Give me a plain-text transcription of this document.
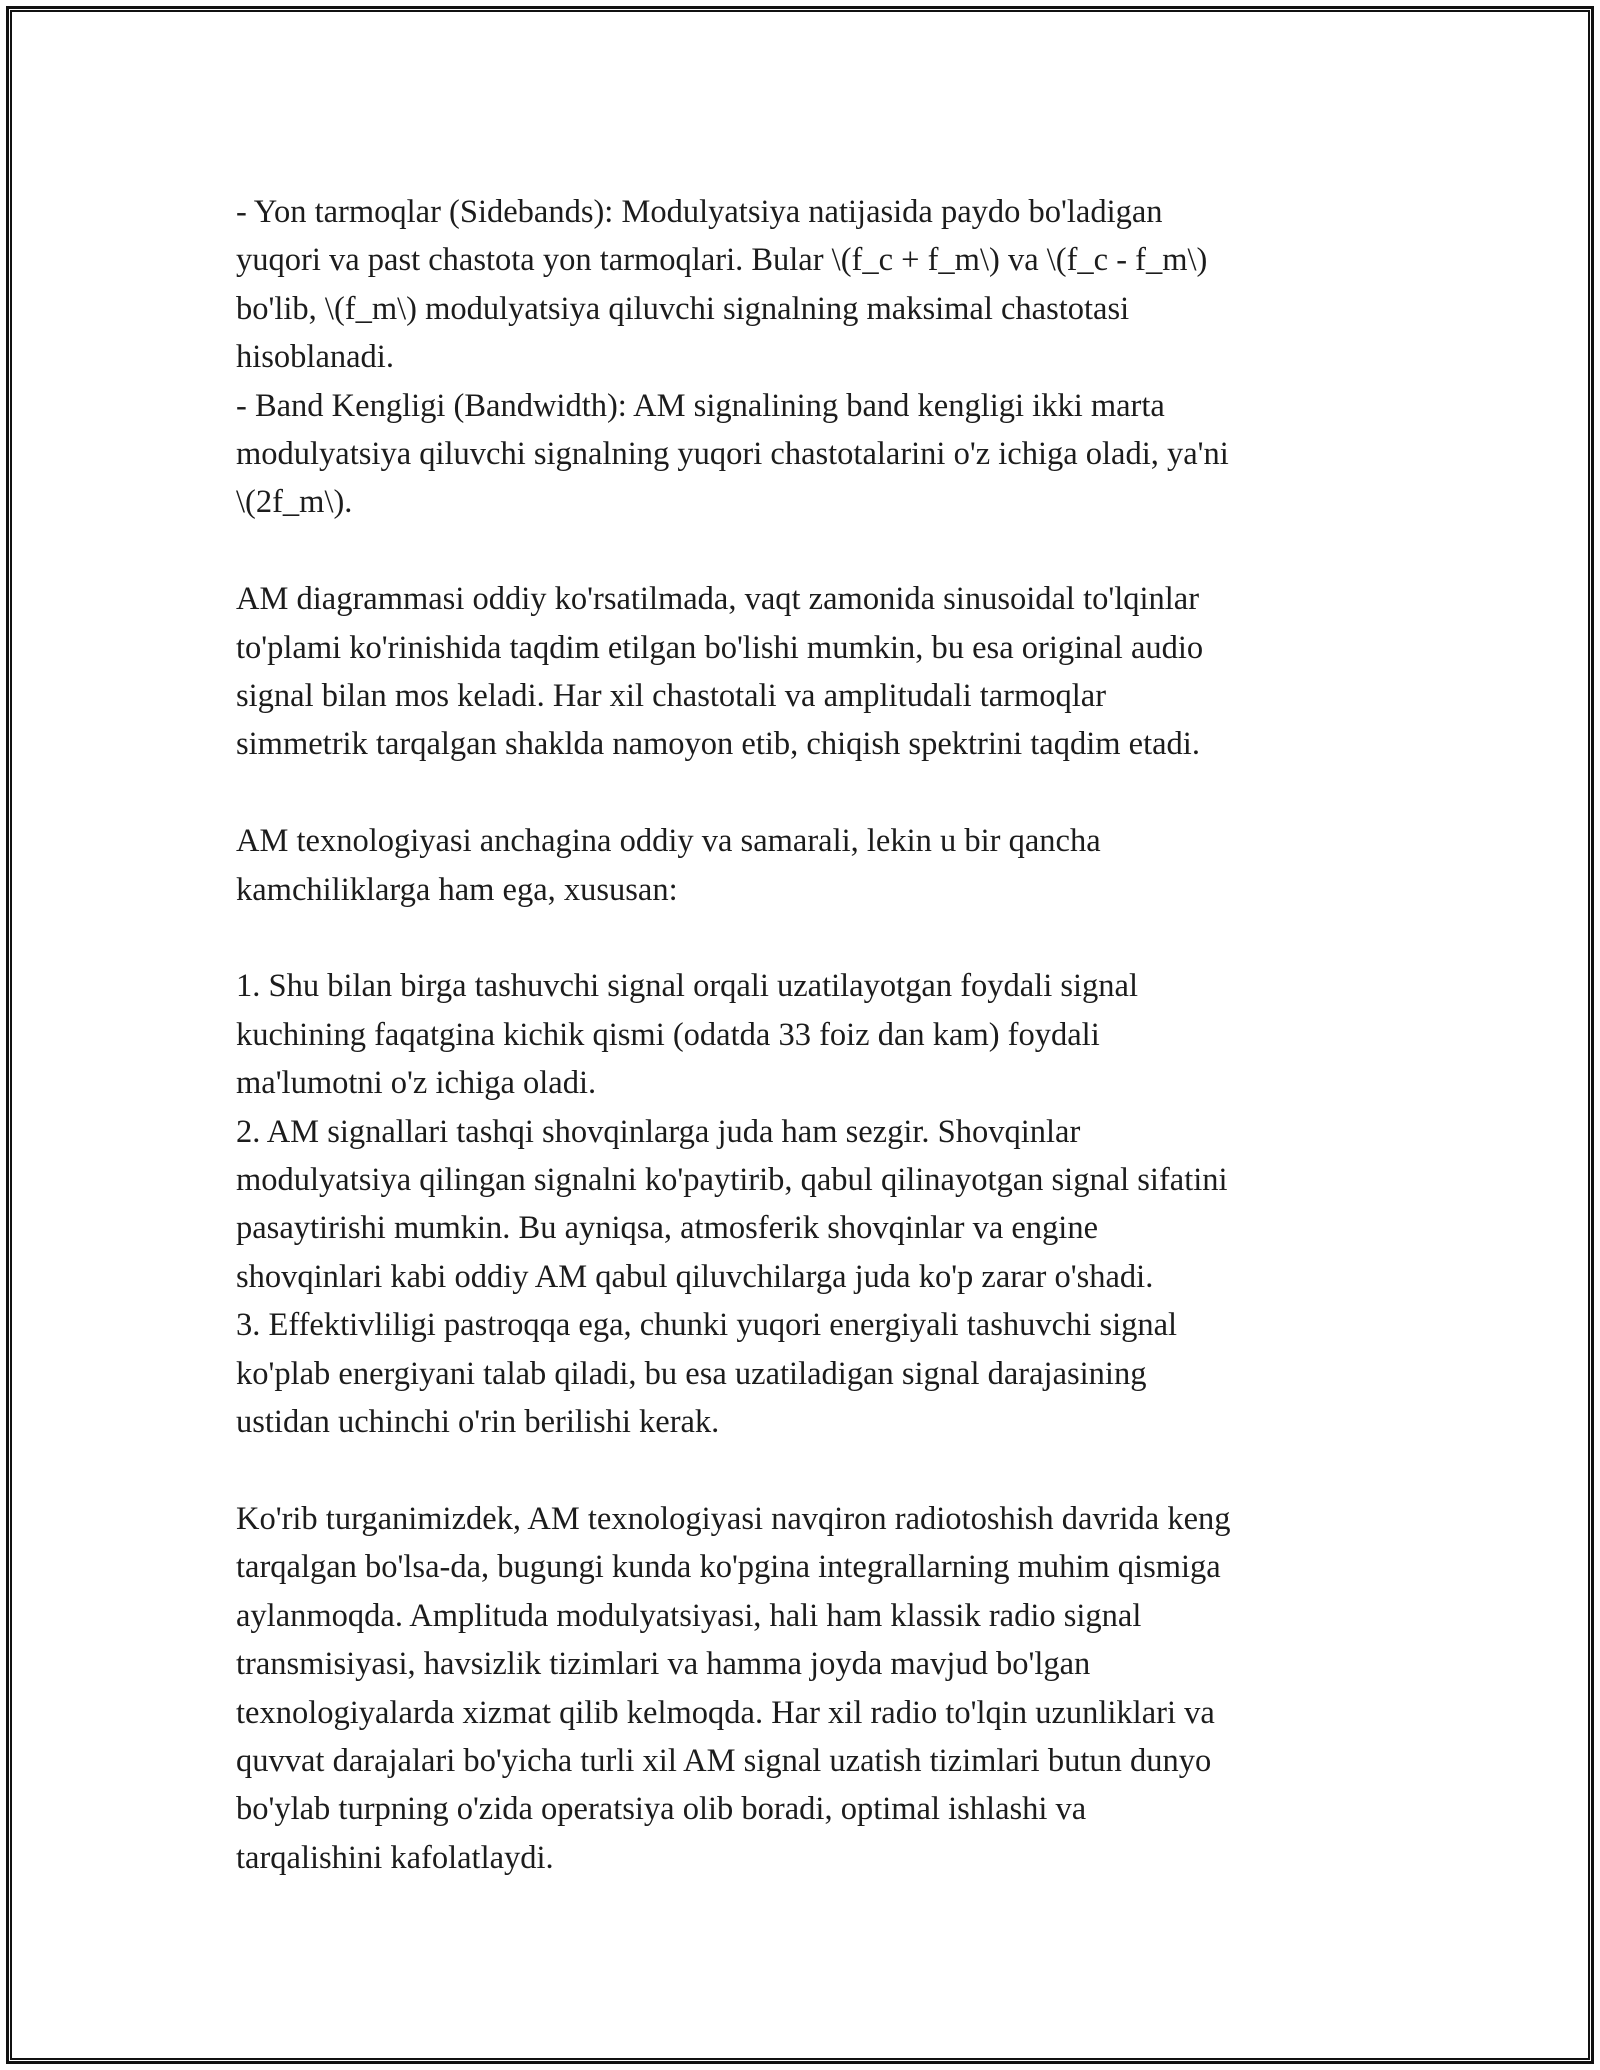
- Yon tarmoqlar (Sidebands): Modulyatsiya natijasida paydo bo'ladigan
yuqori va past chastota yon tarmoqlari. Bular \(f_c + f_m\) va \(f_c - f_m\)
bo'lib, \(f_m\) modulyatsiya qiluvchi signalning maksimal chastotasi
hisoblanadi.
- Band Kengligi (Bandwidth): AM signalining band kengligi ikki marta
modulyatsiya qiluvchi signalning yuqori chastotalarini o'z ichiga oladi, ya'ni
\(2f_m\).

AM diagrammasi oddiy ko'rsatilmada, vaqt zamonida sinusoidal to'lqinlar
to'plami ko'rinishida taqdim etilgan bo'lishi mumkin, bu esa original audio
signal bilan mos keladi. Har xil chastotali va amplitudali tarmoqlar
simmetrik tarqalgan shaklda namoyon etib, chiqish spektrini taqdim etadi.

AM texnologiyasi anchagina oddiy va samarali, lekin u bir qancha
kamchiliklarga ham ega, xususan:

1. Shu bilan birga tashuvchi signal orqali uzatilayotgan foydali signal
kuchining faqatgina kichik qismi (odatda 33 foiz dan kam) foydali
ma'lumotni o'z ichiga oladi.
2. AM signallari tashqi shovqinlarga juda ham sezgir. Shovqinlar
modulyatsiya qilingan signalni ko'paytirib, qabul qilinayotgan signal sifatini
pasaytirishi mumkin. Bu ayniqsa, atmosferik shovqinlar va engine
shovqinlari kabi oddiy AM qabul qiluvchilarga juda ko'p zarar o'shadi.
3. Effektivliligi pastroqqa ega, chunki yuqori energiyali tashuvchi signal
ko'plab energiyani talab qiladi, bu esa uzatiladigan signal darajasining
ustidan uchinchi o'rin berilishi kerak.

Ko'rib turganimizdek, AM texnologiyasi navqiron radiotoshish davrida keng
tarqalgan bo'lsa-da, bugungi kunda ko'pgina integrallarning muhim qismiga
aylanmoqda. Amplituda modulyatsiyasi, hali ham klassik radio signal
transmisiyasi, havsizlik tizimlari va hamma joyda mavjud bo'lgan
texnologiyalarda xizmat qilib kelmoqda. Har xil radio to'lqin uzunliklari va
quvvat darajalari bo'yicha turli xil AM signal uzatish tizimlari butun dunyo
bo'ylab turpning o'zida operatsiya olib boradi, optimal ishlashi va
tarqalishini kafolatlaydi.
